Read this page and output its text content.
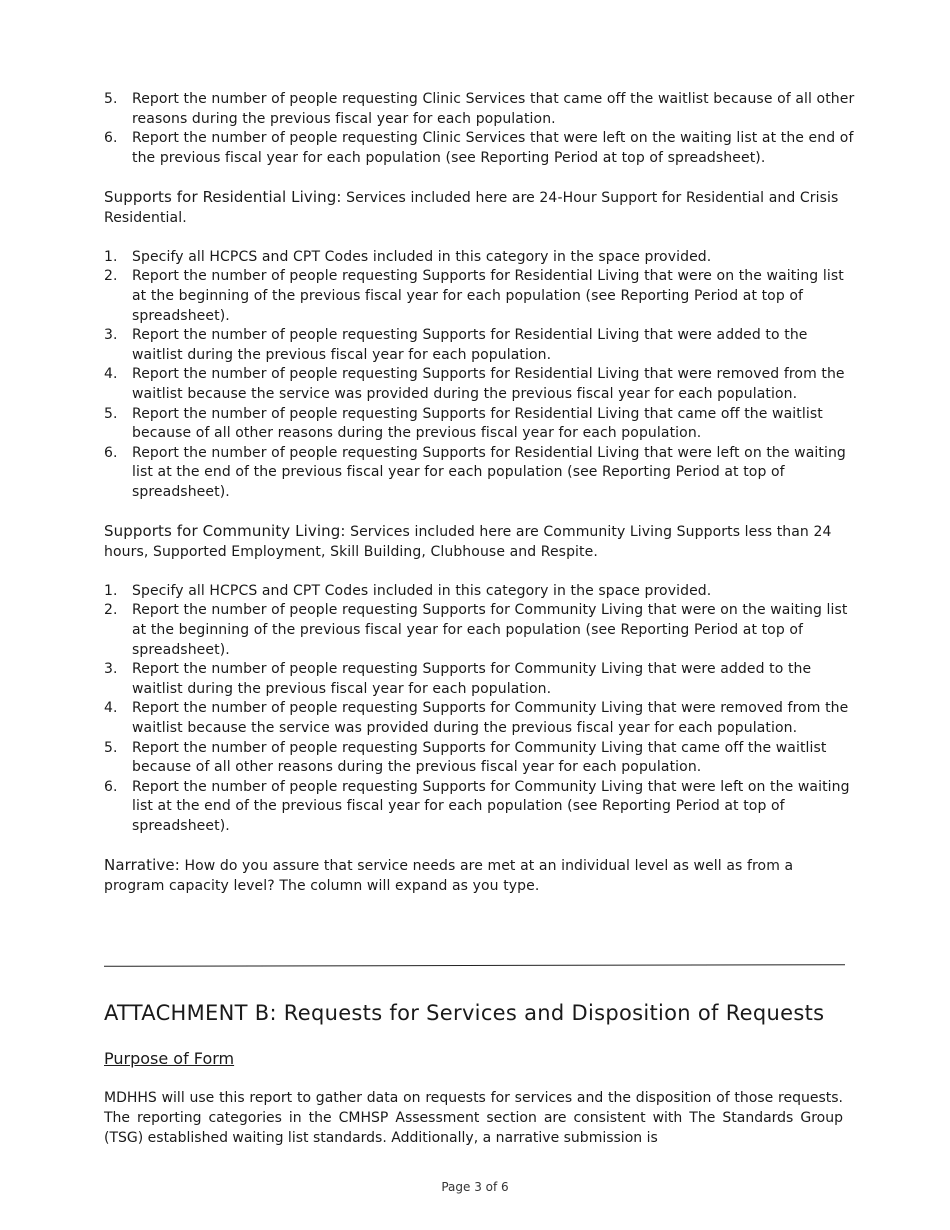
5. Report the number of people requesting Clinic Services that came off the waitlist because of all other reasons during the previous fiscal year for each population.
6. Report the number of people requesting Clinic Services that were left on the waiting list at the end of the previous fiscal year for each population (see Reporting Period at top of spreadsheet).

Supports for Residential Living: Services included here are 24-Hour Support for Residential and Crisis Residential.

1. Specify all HCPCS and CPT Codes included in this category in the space provided.
2. Report the number of people requesting Supports for Residential Living that were on the waiting list at the beginning of the previous fiscal year for each population (see Reporting Period at top of spreadsheet).
3. Report the number of people requesting Supports for Residential Living that were added to the waitlist during the previous fiscal year for each population.
4. Report the number of people requesting Supports for Residential Living that were removed from the waitlist because the service was provided during the previous fiscal year for each population.
5. Report the number of people requesting Supports for Residential Living that came off the waitlist because of all other reasons during the previous fiscal year for each population.
6. Report the number of people requesting Supports for Residential Living that were left on the waiting list at the end of the previous fiscal year for each population (see Reporting Period at top of spreadsheet).

Supports for Community Living: Services included here are Community Living Supports less than 24 hours, Supported Employment, Skill Building, Clubhouse and Respite.

1. Specify all HCPCS and CPT Codes included in this category in the space provided.
2. Report the number of people requesting Supports for Community Living that were on the waiting list at the beginning of the previous fiscal year for each population (see Reporting Period at top of spreadsheet).
3. Report the number of people requesting Supports for Community Living that were added to the waitlist during the previous fiscal year for each population.
4. Report the number of people requesting Supports for Community Living that were removed from the waitlist because the service was provided during the previous fiscal year for each population.
5. Report the number of people requesting Supports for Community Living that came off the waitlist because of all other reasons during the previous fiscal year for each population.
6. Report the number of people requesting Supports for Community Living that were left on the waiting list at the end of the previous fiscal year for each population (see Reporting Period at top of spreadsheet).

Narrative: How do you assure that service needs are met at an individual level as well as from a program capacity level? The column will expand as you type.

ATTACHMENT B: Requests for Services and Disposition of Requests
Purpose of Form

MDHHS will use this report to gather data on requests for services and the disposition of those requests. The reporting categories in the CMHSP Assessment section are consistent with The Standards Group (TSG) established waiting list standards. Additionally, a narrative submission is

Page 3 of 6
